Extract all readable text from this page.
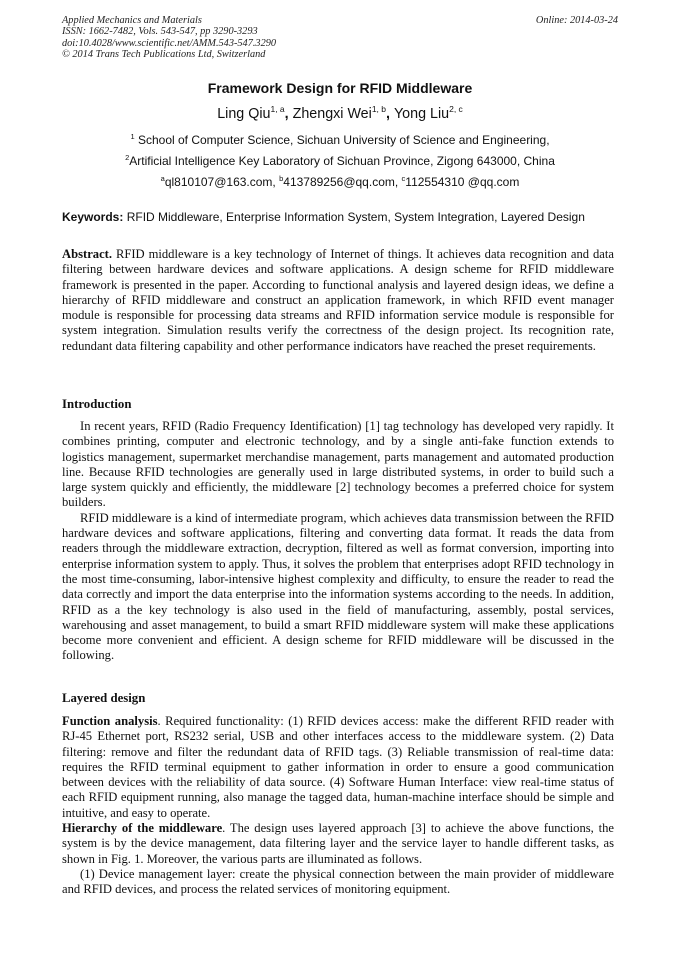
Applied Mechanics and Materials
ISSN: 1662-7482, Vols. 543-547, pp 3290-3293
doi:10.4028/www.scientific.net/AMM.543-547.3290
© 2014 Trans Tech Publications Ltd, Switzerland
Online: 2014-03-24
Framework Design for RFID Middleware
Ling Qiu$^{1, a}$, Zhengxi Wei$^{1, b}$, Yong Liu$^{2, c}$
$^1$ School of Computer Science, Sichuan University of Science and Engineering,
$^2$Artificial Intelligence Key Laboratory of Sichuan Province, Zigong 643000, China
$^a$ql810107@163.com, $^b$413789256@qq.com, $^c$112554310 @qq.com
Keywords: RFID Middleware, Enterprise Information System, System Integration, Layered Design

Abstract. RFID middleware is a key technology of Internet of things. It achieves data recognition and data filtering between hardware devices and software applications. A design scheme for RFID middleware framework is presented in the paper. According to functional analysis and layered design ideas, we define a hierarchy of RFID middleware and construct an application framework, in which RFID event manager module is responsible for processing data streams and RFID information service module is responsible for system integration. Simulation results verify the correctness of the design project. Its recognition rate, redundant data filtering capability and other performance indicators have reached the preset requirements.

Introduction

In recent years, RFID (Radio Frequency Identification) [1] tag technology has developed very rapidly. It combines printing, computer and electronic technology, and by a single anti-fake function extends to logistics management, supermarket merchandise management, parts management and automated production line. Because RFID technologies are generally used in large distributed systems, in order to build such a large system quickly and efficiently, the middleware [2] technology becomes a preferred choice for system builders.

RFID middleware is a kind of intermediate program, which achieves data transmission between the RFID hardware devices and software applications, filtering and converting data format. It reads the data from readers through the middleware extraction, decryption, filtered as well as format conversion, importing into enterprise information system to apply. Thus, it solves the problem that enterprises adopt RFID technology in the most time-consuming, labor-intensive highest complexity and difficulty, to ensure the reader to read the data correctly and import the data enterprise into the information systems according to the needs. In addition, RFID as a the key technology is also used in the field of manufacturing, assembly, postal services, warehousing and asset management, to build a smart RFID middleware system will make these applications become more convenient and efficient. A design scheme for RFID middleware will be discussed in the following.

Layered design

Function analysis. Required functionality: (1) RFID devices access: make the different RFID reader with RJ-45 Ethernet port, RS232 serial, USB and other interfaces access to the middleware system. (2) Data filtering: remove and filter the redundant data of RFID tags. (3) Reliable transmission of real-time data: requires the RFID terminal equipment to gather information in order to ensure a good communication between devices with the reliability of data source. (4) Software Human Interface: view real-time status of each RFID equipment running, also manage the tagged data, human-machine interface should be simple and intuitive, and easy to operate.

Hierarchy of the middleware. The design uses layered approach [3] to achieve the above functions, the system is by the device management, data filtering layer and the service layer to handle different tasks, as shown in Fig. 1. Moreover, the various parts are illuminated as follows.

(1) Device management layer: create the physical connection between the main provider of middleware and RFID devices, and process the related services of monitoring equipment.
